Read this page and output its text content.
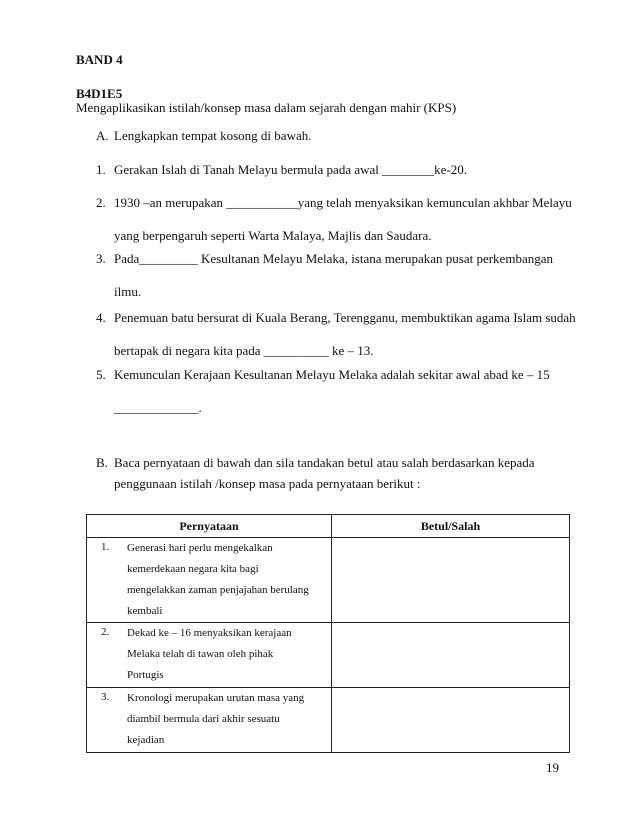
BAND 4
B4D1E5
Mengaplikasikan istilah/konsep masa dalam sejarah dengan mahir (KPS)
A. Lengkapkan tempat kosong di bawah.
1. Gerakan Islah di Tanah Melayu bermula pada awal ________ke-20.
2. 1930 –an merupakan ___________yang telah menyaksikan kemunculan akhbar Melayu
yang berpengaruh seperti Warta Malaya, Majlis dan Saudara.
3. Pada_________ Kesultanan Melayu Melaka, istana merupakan pusat perkembangan
ilmu.
4. Penemuan batu bersurat di Kuala Berang, Terengganu, membuktikan agama Islam sudah
bertapak di negara kita pada __________ ke – 13.
5. Kemunculan Kerajaan Kesultanan Melayu Melaka adalah sekitar awal abad ke – 15
_____________.
B. Baca pernyataan di bawah dan sila tandakan betul atau salah berdasarkan kepada
penggunaan istilah /konsep masa pada pernyataan berikut :
Pernyataan	Betul/Salah

1. Generasi hari perlu mengekalkan
kemerdekaan negara kita bagi
mengelakkan zaman penjajahan berulang
kembali	

2. Dekad ke – 16 menyaksikan kerajaan
Melaka telah di tawan oleh pihak
Portugis	

3. Kronologi merupakan urutan masa yang
diambil bermula dari akhir sesuatu
kejadian	

19
